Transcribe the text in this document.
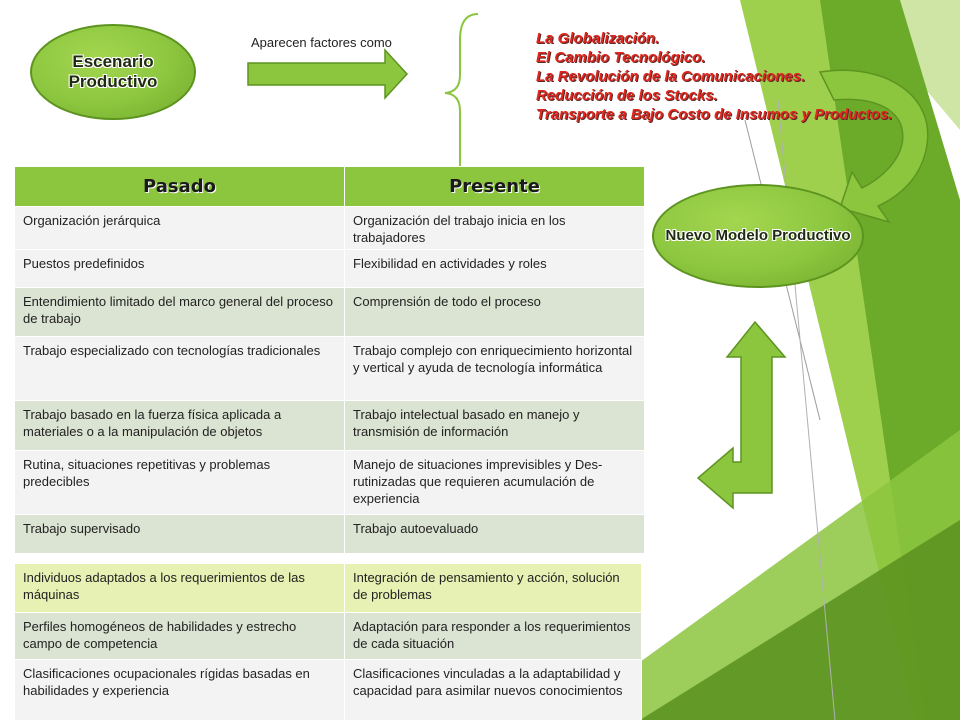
Escenario Productivo
Aparecen factores como	La Globalización.
El Cambio Tecnológico.
La Revolución de la Comunicaciones.
Reducción de los Stocks.
Transporte a Bajo Costo de Insumos y Productos.
Nuevo Modelo Productivo
Pasado	Presente
Organización jerárquica	Organización del trabajo inicia en los trabajadores
Puestos predefinidos	Flexibilidad en actividades y roles
Entendimiento limitado del marco general del proceso de trabajo	Comprensión de todo el proceso
Trabajo especializado con tecnologías tradicionales	Trabajo complejo con enriquecimiento horizontal y vertical y ayuda de tecnología informática
Trabajo basado en la fuerza física aplicada a materiales o a la manipulación de objetos	Trabajo intelectual basado en manejo y transmisión de información
Rutina, situaciones repetitivas y problemas predecibles	Manejo de situaciones imprevisibles y Des-rutinizadas que requieren acumulación de experiencia
Trabajo supervisado	Trabajo autoevaluado
Individuos adaptados a los requerimientos de las máquinas	Integración de pensamiento y acción, solución de problemas
Perfiles homogéneos de habilidades y estrecho campo de competencia	Adaptación para responder a los requerimientos de cada situación
Clasificaciones ocupacionales rígidas basadas en habilidades y experiencia	Clasificaciones vinculadas a la adaptabilidad y capacidad para asimilar nuevos conocimientos
